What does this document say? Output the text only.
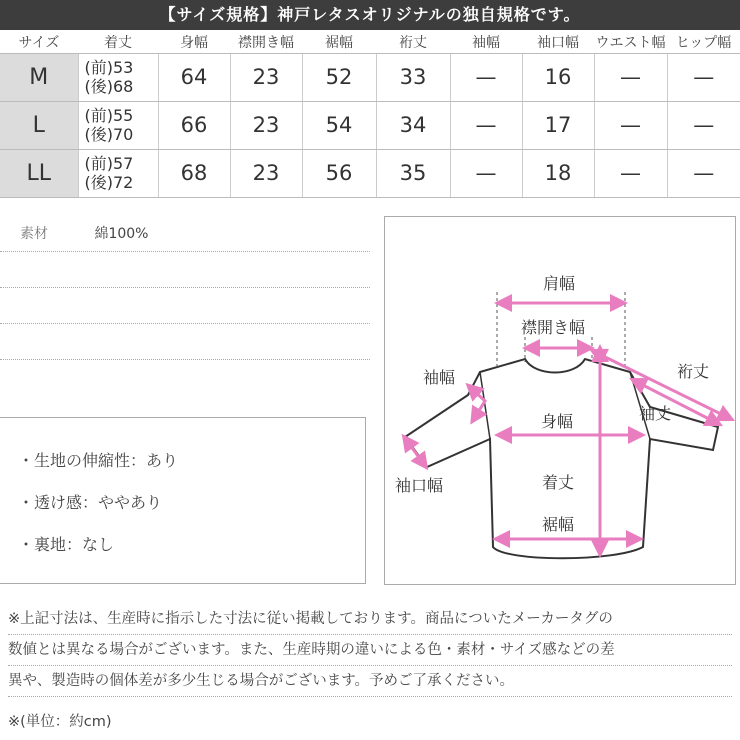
【サイズ規格】神戸レタスオリジナルの独自規格です。
サイズ	着丈	身幅	襟開き幅	裾幅	裄丈	袖幅	袖口幅	ウエスト幅	ヒップ幅
M	(前)53
(後)68	64	23	52	33	—	16	—	—
L	(前)55
(後)70	66	23	54	34	—	17	—	—
LL	(前)57
(後)72	68	23	56	35	—	18	—	—
素材	綿100%
・生地の伸縮性：あり
・透け感：ややあり
・裏地：なし
肩幅
襟開き幅
袖幅	裄丈
袖丈
身幅
袖口幅	着丈
裾幅
※上記寸法は、生産時に指示した寸法に従い掲載しております。商品についたメーカータグの
数値とは異なる場合がございます。また、生産時期の違いによる色・素材・サイズ感などの差
異や、製造時の個体差が多少生じる場合がございます。予めご了承ください。
※(単位：約cm)
